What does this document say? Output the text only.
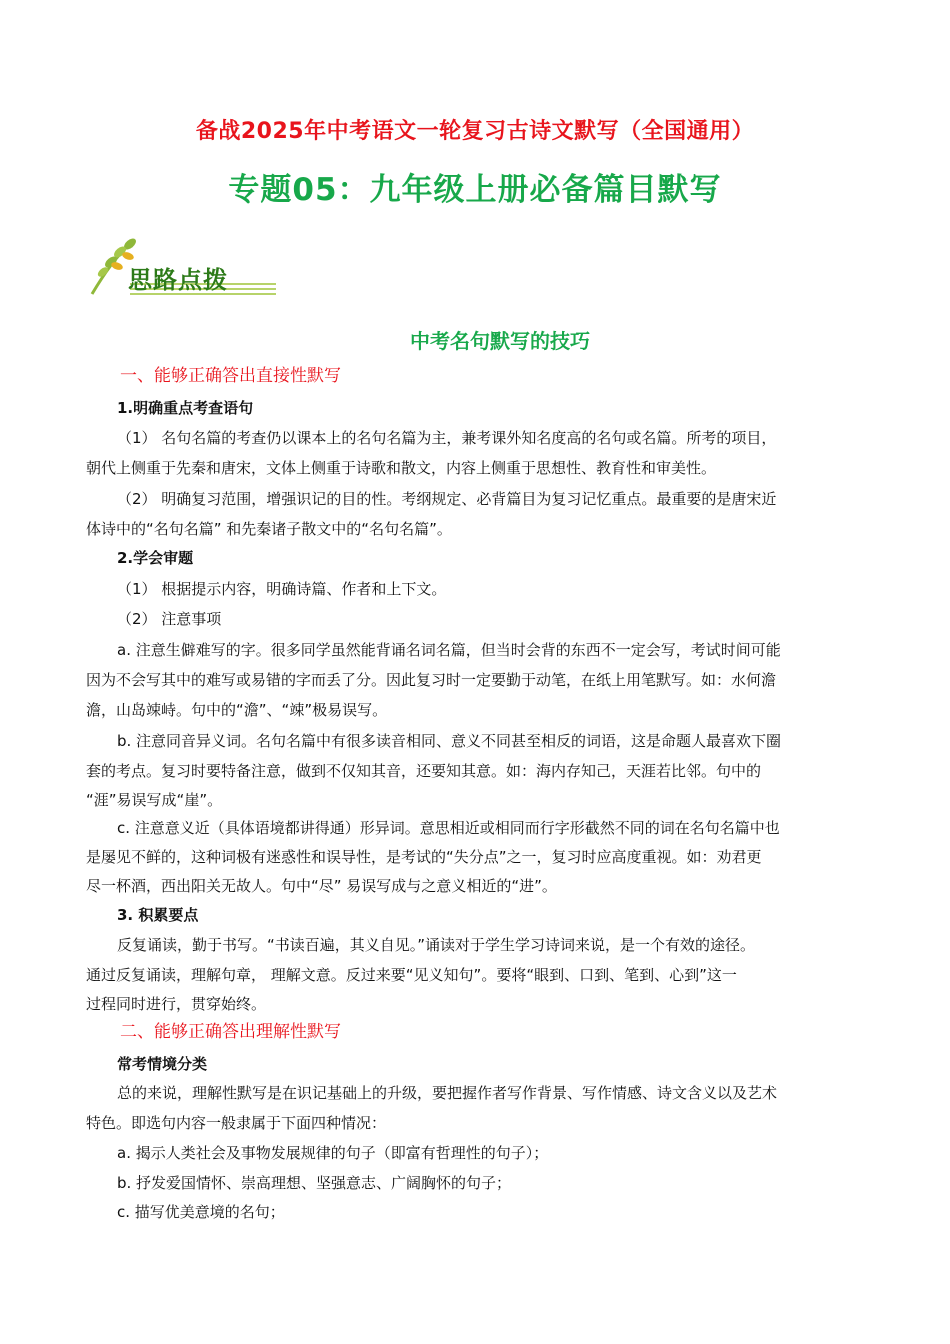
备战2025年中考语文一轮复习古诗文默写（全国通用）
专题05：九年级上册必备篇目默写
思路点拨
中考名句默写的技巧
一、能够正确答出直接性默写
1.明确重点考查语句
（1） 名句名篇的考查仍以课本上的名句名篇为主，兼考课外知名度高的名句或名篇。所考的项目，
朝代上侧重于先秦和唐宋，文体上侧重于诗歌和散文，内容上侧重于思想性、教育性和审美性。
（2） 明确复习范围，增强识记的目的性。考纲规定、必背篇目为复习记忆重点。最重要的是唐宋近
体诗中的“名句名篇” 和先秦诸子散文中的“名句名篇”。
2.学会审题
（1） 根据提示内容，明确诗篇、作者和上下文。
（2） 注意事项
a. 注意生僻难写的字。很多同学虽然能背诵名词名篇，但当时会背的东西不一定会写，考试时间可能
因为不会写其中的难写或易错的字而丢了分。因此复习时一定要勤于动笔，在纸上用笔默写。如：水何澹
澹，山岛竦峙。句中的“澹”、“竦”极易误写。
b. 注意同音异义词。名句名篇中有很多读音相同、意义不同甚至相反的词语，这是命题人最喜欢下圈
套的考点。复习时要特备注意，做到不仅知其音，还要知其意。如：海内存知己，天涯若比邻。句中的
“涯”易误写成“崖”。
c. 注意意义近（具体语境都讲得通）形异词。意思相近或相同而行字形截然不同的词在名句名篇中也
是屡见不鲜的，这种词极有迷惑性和误导性，是考试的“失分点”之一，复习时应高度重视。如：劝君更
尽一杯酒，西出阳关无故人。句中“尽” 易误写成与之意义相近的“进”。
3. 积累要点
反复诵读，勤于书写。“书读百遍，其义自见。”诵读对于学生学习诗词来说，是一个有效的途径。
通过反复诵读，理解句章， 理解文意。反过来要“见义知句”。要将“眼到、口到、笔到、心到”这一
过程同时进行，贯穿始终。
二、能够正确答出理解性默写
常考情境分类
总的来说，理解性默写是在识记基础上的升级，要把握作者写作背景、写作情感、诗文含义以及艺术
特色。即选句内容一般隶属于下面四种情况：
a. 揭示人类社会及事物发展规律的句子（即富有哲理性的句子）；
b. 抒发爱国情怀、崇高理想、坚强意志、广阔胸怀的句子；
c. 描写优美意境的名句；
